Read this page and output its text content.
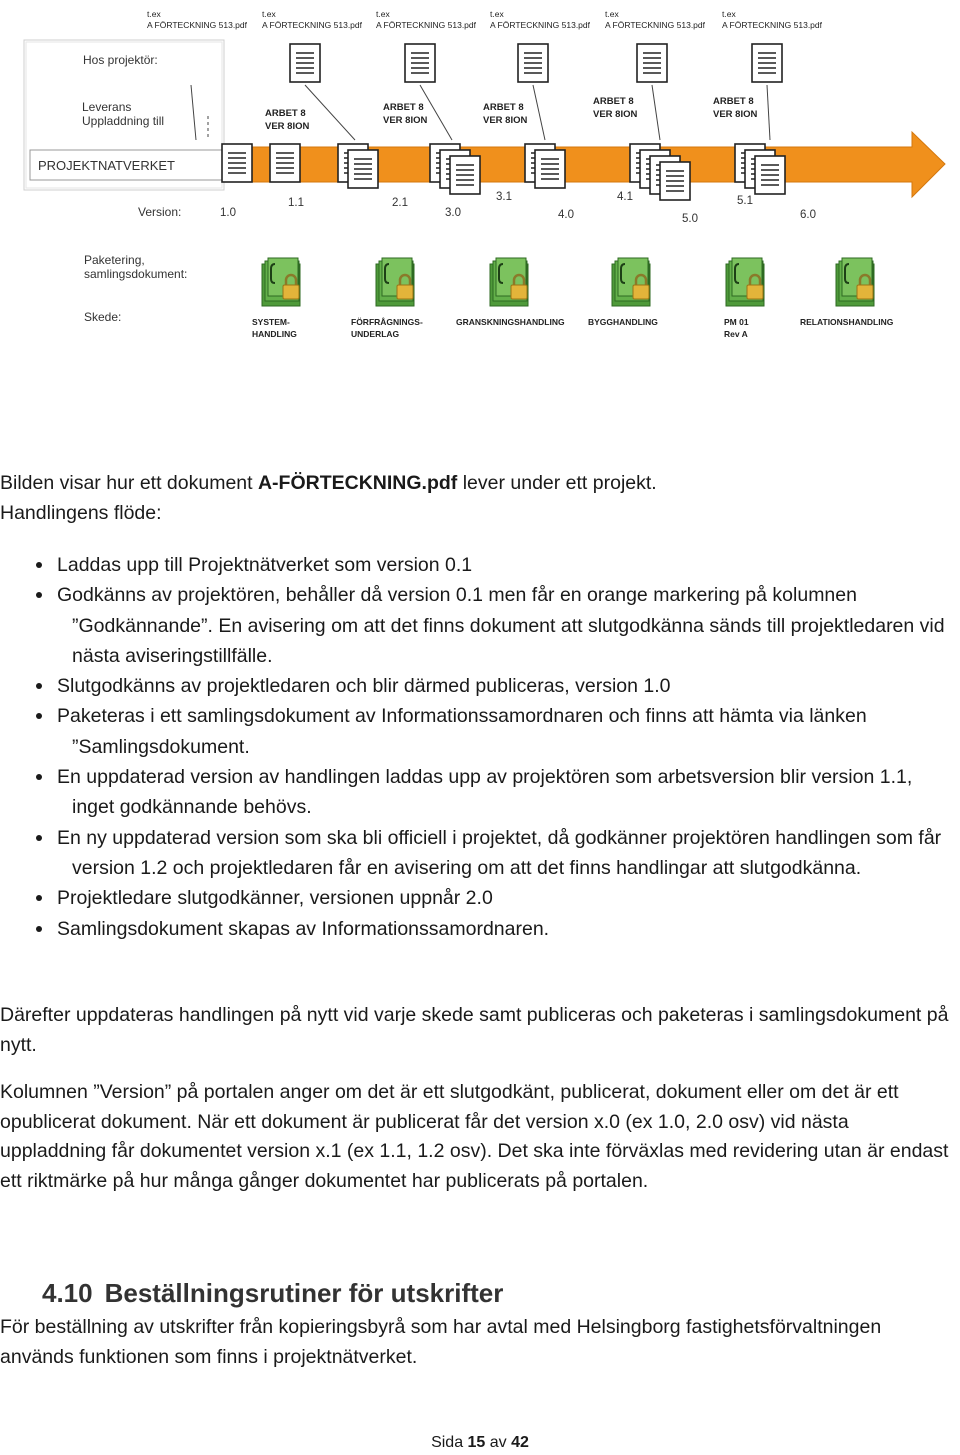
t.ex
A FÖRTECKNING 513.pdf
t.ex
A FÖRTECKNING 513.pdf
t.ex
A FÖRTECKNING 513.pdf
t.ex
A FÖRTECKNING 513.pdf
t.ex
A FÖRTECKNING 513.pdf
t.ex
A FÖRTECKNING 513.pdf
Hos projektör:
Leverans
Uppladdning till
PROJEKTNATVERKET
Version:
Paketering,
samlingsdokument:
Skede:
ARBET 8
VER 8ION
ARBET 8
VER 8ION
ARBET 8
VER 8ION
ARBET 8
VER 8ION
ARBET 8
VER 8ION
1.0
1.1	2.1
3.0
3.1
4.0
4.1
5.0
5.1
6.0
SYSTEM-
HANDLING
FÖRFRÅGNINGS-
UNDERLAG
GRANSKNINGSHANDLING	BYGGHANDLING	PM 01
Rev A
RELATIONSHANDLING

Bilden visar hur ett dokument A-FÖRTECKNING.pdf lever under ett projekt.
Handlingens flöde:

Laddas upp till Projektnätverket som version 0.1
Godkänns av projektören, behåller då version 0.1 men får en orange markering på kolumnen ”Godkännande”. En avisering om att det finns dokument att slutgodkänna sänds till projektledaren vid nästa aviseringstillfälle.
Slutgodkänns av projektledaren och blir därmed publiceras, version 1.0
Paketeras i ett samlingsdokument av Informationssamordnaren och finns att hämta via länken ”Samlingsdokument.
En uppdaterad version av handlingen laddas upp av projektören som arbetsversion blir version 1.1, inget godkännande behövs.
En ny uppdaterad version som ska bli officiell i projektet, då godkänner projektören handlingen som får version 1.2 och projektledaren får en avisering om att det finns handlingar att slutgodkänna.
Projektledare slutgodkänner, versionen uppnår 2.0
Samlingsdokument skapas av Informationssamordnaren.

Därefter uppdateras handlingen på nytt vid varje skede samt publiceras och paketeras i samlingsdokument på nytt.

Kolumnen ”Version” på portalen anger om det är ett slutgodkänt, publicerat, dokument eller om det är ett opublicerat dokument. När ett dokument är publicerat får det version x.0 (ex 1.0, 2.0 osv) vid nästa uppladdning får dokumentet version x.1 (ex 1.1, 1.2 osv). Det ska inte förväxlas med revidering utan är endast ett riktmärke på hur många gånger dokumentet har publicerats på portalen.

4.10 Beställningsrutiner för utskrifter

För beställning av utskrifter från kopieringsbyrå som har avtal med Helsingborg fastighetsförvaltningen används funktionen som finns i projektnätverket.

Sida 15 av 42
